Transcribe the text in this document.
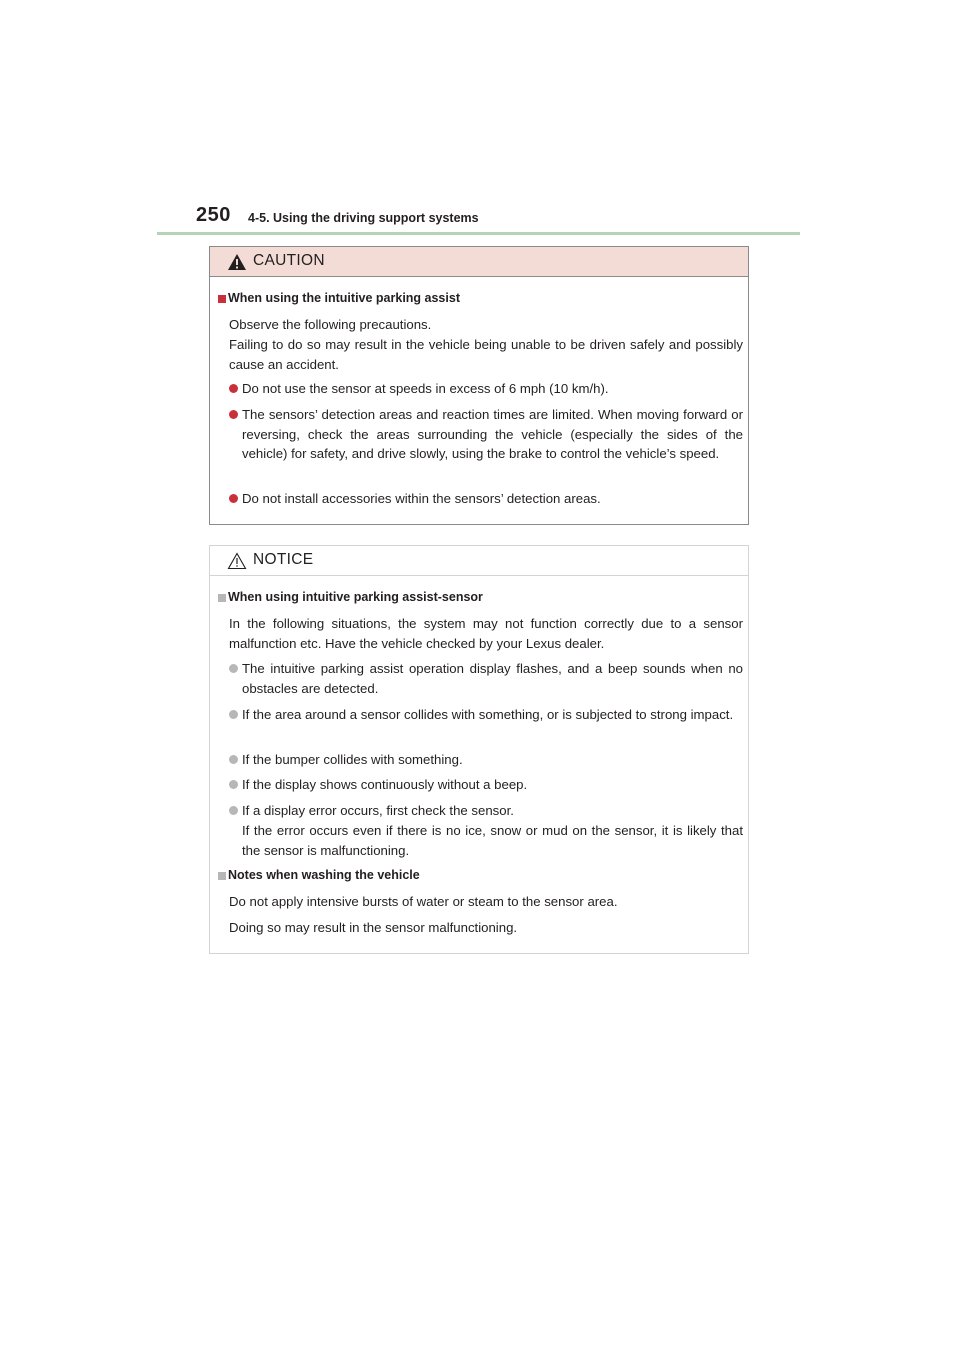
250 4-5. Using the driving support systems
CAUTION
When using the intuitive parking assist
Observe the following precautions.
Failing to do so may result in the vehicle being unable to be driven safely and possibly cause an accident.
Do not use the sensor at speeds in excess of 6 mph (10 km/h).
The sensors’ detection areas and reaction times are limited. When moving forward or reversing, check the areas surrounding the vehicle (especially the sides of the vehicle) for safety, and drive slowly, using the brake to control the vehicle’s speed.
Do not install accessories within the sensors’ detection areas.
NOTICE
When using intuitive parking assist-sensor
In the following situations, the system may not function correctly due to a sensor malfunction etc. Have the vehicle checked by your Lexus dealer.
The intuitive parking assist operation display flashes, and a beep sounds when no obstacles are detected.
If the area around a sensor collides with something, or is subjected to strong impact.
If the bumper collides with something.
If the display shows continuously without a beep.
If a display error occurs, first check the sensor.
If the error occurs even if there is no ice, snow or mud on the sensor, it is likely that the sensor is malfunctioning.
Notes when washing the vehicle
Do not apply intensive bursts of water or steam to the sensor area.
Doing so may result in the sensor malfunctioning.
